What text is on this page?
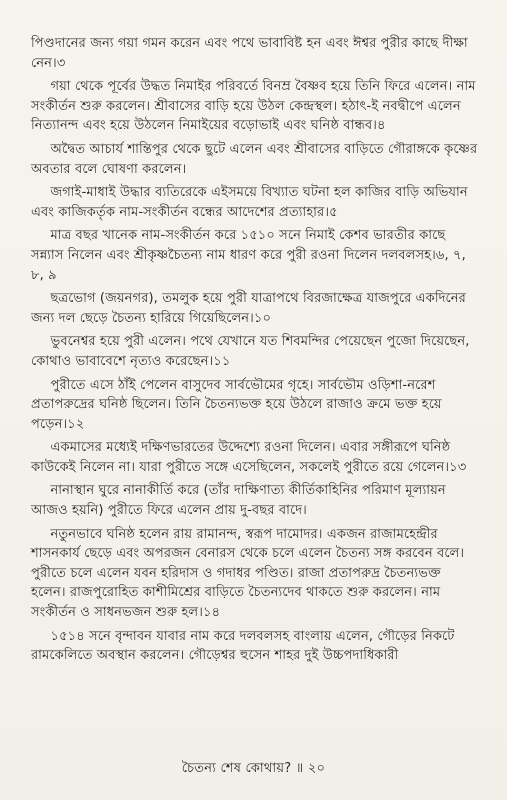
পিণ্ডদানের জন্য গয়া গমন করেন এবং পথে ভাবাবিষ্ট হন এবং ঈশ্বর পুরীর কাছে দীক্ষা নেন।৩

গয়া থেকে পূর্বের উদ্ধত নিমাইর পরিবর্তে বিনম্র বৈষ্ণব হয়ে তিনি ফিরে এলেন। নাম সংকীর্তন শুরু করলেন। শ্রীবাসের বাড়ি হয়ে উঠল কেন্দ্রস্থল। হঠাৎ-ই নবদ্বীপে এলেন নিত্যানন্দ এবং হয়ে উঠলেন নিমাইয়ের বড়োভাই এবং ঘনিষ্ঠ বান্ধব।৪

অদ্বৈত আচার্য শান্তিপুর থেকে ছুটে এলেন এবং শ্রীবাসের বাড়িতে গৌরাঙ্গকে কৃষ্ণের অবতার বলে ঘোষণা করলেন।

জগাই-মাধাই উদ্ধার ব্যতিরেকে এইসময়ে বিখ্যাত ঘটনা হল কাজির বাড়ি অভিযান এবং কাজিকর্তৃক নাম-সংকীর্তন বন্ধের আদেশের প্রত্যাহার।৫

মাত্র বছর খানেক নাম-সংকীর্তন করে ১৫১০ সনে নিমাই কেশব ভারতীর কাছে সন্ন্যাস নিলেন এবং শ্রীকৃষ্ণচৈতন্য নাম ধারণ করে পুরী রওনা দিলেন দলবলসহ।৬, ৭, ৮, ৯

ছত্রভোগ (জয়নগর), তমলুক হয়ে পুরী যাত্রাপথে বিরজাক্ষেত্র যাজপুরে একদিনের জন্য দল ছেড়ে চৈতন্য হারিয়ে গিয়েছিলেন।১০

ভুবনেশ্বর হয়ে পুরী এলেন। পথে যেখানে যত শিবমন্দির পেয়েছেন পুজো দিয়েছেন, কোথাও ভাবাবেশে নৃত্যও করেছেন।১১

পুরীতে এসে ঠাঁই পেলেন বাসুদেব সার্বভৌমের গৃহে। সার্বভৌম ওড়িশা-নরেশ প্রতাপরুদ্রের ঘনিষ্ঠ ছিলেন। তিনি চৈতন্যভক্ত হয়ে উঠলে রাজাও ক্রমে ভক্ত হয়ে পড়েন।১২

একমাসের মধ্যেই দক্ষিণভারতের উদ্দেশ্যে রওনা দিলেন। এবার সঙ্গীরূপে ঘনিষ্ঠ কাউকেই নিলেন না। যারা পুরীতে সঙ্গে এসেছিলেন, সকলেই পুরীতে রয়ে গেলেন।১৩

নানাস্থান ঘুরে নানাকীর্তি করে (তাঁর দাক্ষিণাত্য কীর্তিকাহিনির পরিমাণ মূল্যায়ন আজও হয়নি) পুরীতে ফিরে এলেন প্রায় দু-বছর বাদে।

নতুনভাবে ঘনিষ্ঠ হলেন রায় রামানন্দ, স্বরূপ দামোদর। একজন রাজামহেন্দ্রীর শাসনকার্য ছেড়ে এবং অপরজন বেনারস থেকে চলে এলেন চৈতন্য সঙ্গ করবেন বলে। পুরীতে চলে এলেন যবন হরিদাস ও গদাধর পণ্ডিত। রাজা প্রতাপরুদ্র চৈতন্যভক্ত হলেন। রাজপুরোহিত কাশীমিশ্রের বাড়িতে চৈতন্যদেব থাকতে শুরু করলেন। নাম সংকীর্তন ও সাধনভজন শুরু হল।১৪

১৫১৪ সনে বৃন্দাবন যাবার নাম করে দলবলসহ বাংলায় এলেন, গৌড়ের নিকটে রামকেলিতে অবস্থান করলেন। গৌড়েশ্বর হুসেন শাহর দুই উচ্চপদাধিকারী

চৈতন্য শেষ কোথায়? ॥ ২০
